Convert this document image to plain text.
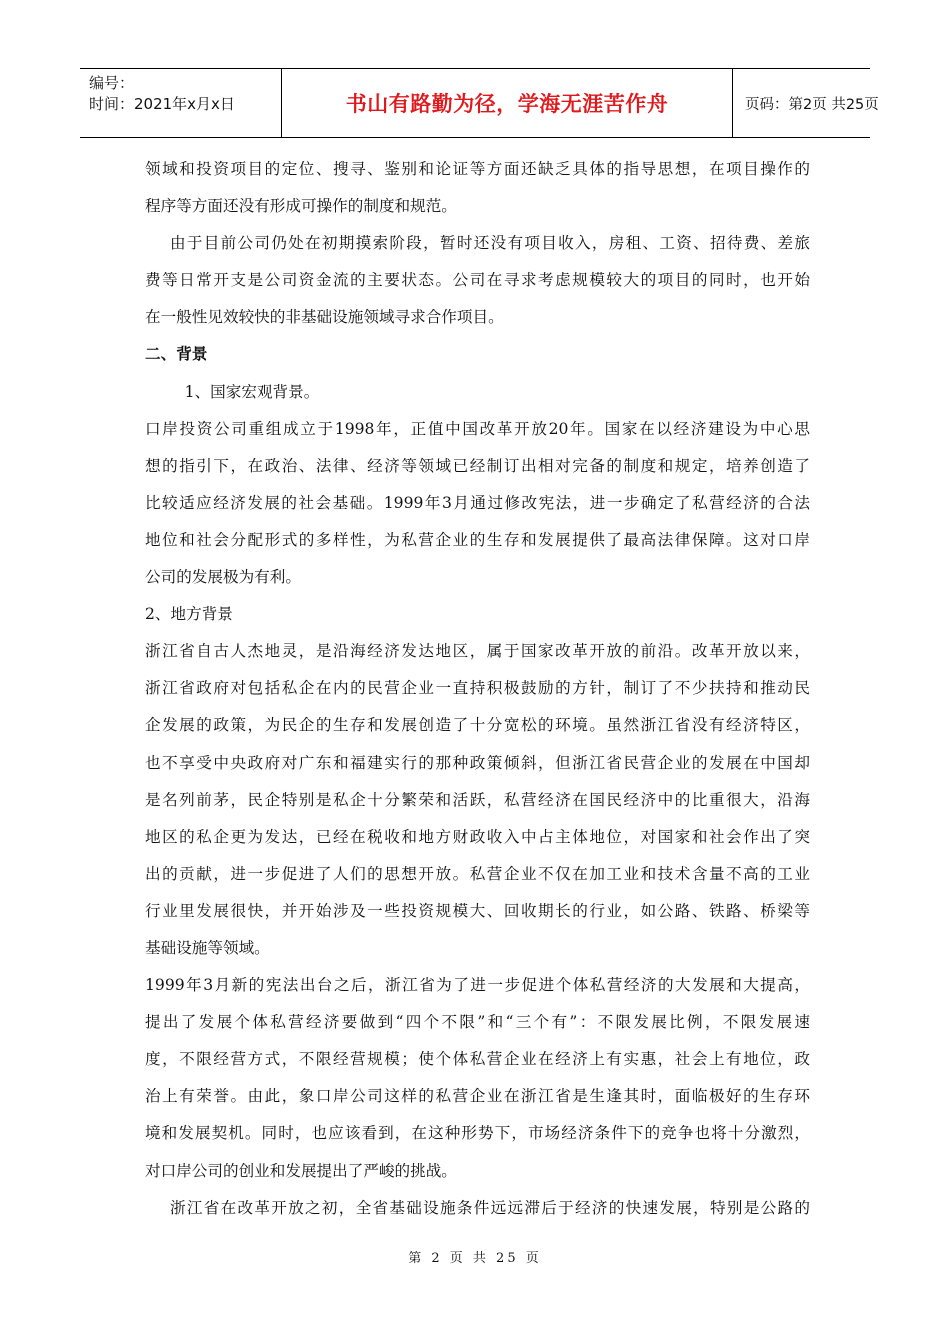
编号：
时间：2021年x月x日	书山有路勤为径，学海无涯苦作舟	页码：第2页 共25页
领域和投资项目的定位、搜寻、鉴别和论证等方面还缺乏具体的指导思想，在项目操作的
程序等方面还没有形成可操作的制度和规范。
由于目前公司仍处在初期摸索阶段，暂时还没有项目收入，房租、工资、招待费、差旅
费等日常开支是公司资金流的主要状态。公司在寻求考虑规模较大的项目的同时，也开始
在一般性见效较快的非基础设施领域寻求合作项目。
二、背景
1、国家宏观背景。
口岸投资公司重组成立于1998年，正值中国改革开放20年。国家在以经济建设为中心思
想的指引下，在政治、法律、经济等领域已经制订出相对完备的制度和规定，培养创造了
比较适应经济发展的社会基础。1999年3月通过修改宪法，进一步确定了私营经济的合法
地位和社会分配形式的多样性，为私营企业的生存和发展提供了最高法律保障。这对口岸
公司的发展极为有利。
2、地方背景
浙江省自古人杰地灵，是沿海经济发达地区，属于国家改革开放的前沿。改革开放以来，
浙江省政府对包括私企在内的民营企业一直持积极鼓励的方针，制订了不少扶持和推动民
企发展的政策，为民企的生存和发展创造了十分宽松的环境。虽然浙江省没有经济特区，
也不享受中央政府对广东和福建实行的那种政策倾斜，但浙江省民营企业的发展在中国却
是名列前茅，民企特别是私企十分繁荣和活跃，私营经济在国民经济中的比重很大，沿海
地区的私企更为发达，已经在税收和地方财政收入中占主体地位，对国家和社会作出了突
出的贡献，进一步促进了人们的思想开放。私营企业不仅在加工业和技术含量不高的工业
行业里发展很快，并开始涉及一些投资规模大、回收期长的行业，如公路、铁路、桥梁等
基础设施等领域。
1999年3月新的宪法出台之后，浙江省为了进一步促进个体私营经济的大发展和大提高，
提出了发展个体私营经济要做到“四个不限”和“三个有”：不限发展比例，不限发展速
度，不限经营方式，不限经营规模；使个体私营企业在经济上有实惠，社会上有地位，政
治上有荣誉。由此，象口岸公司这样的私营企业在浙江省是生逢其时，面临极好的生存环
境和发展契机。同时，也应该看到，在这种形势下，市场经济条件下的竞争也将十分激烈，
对口岸公司的创业和发展提出了严峻的挑战。
浙江省在改革开放之初，全省基础设施条件远远滞后于经济的快速发展，特别是公路的
第 2 页 共 25 页
